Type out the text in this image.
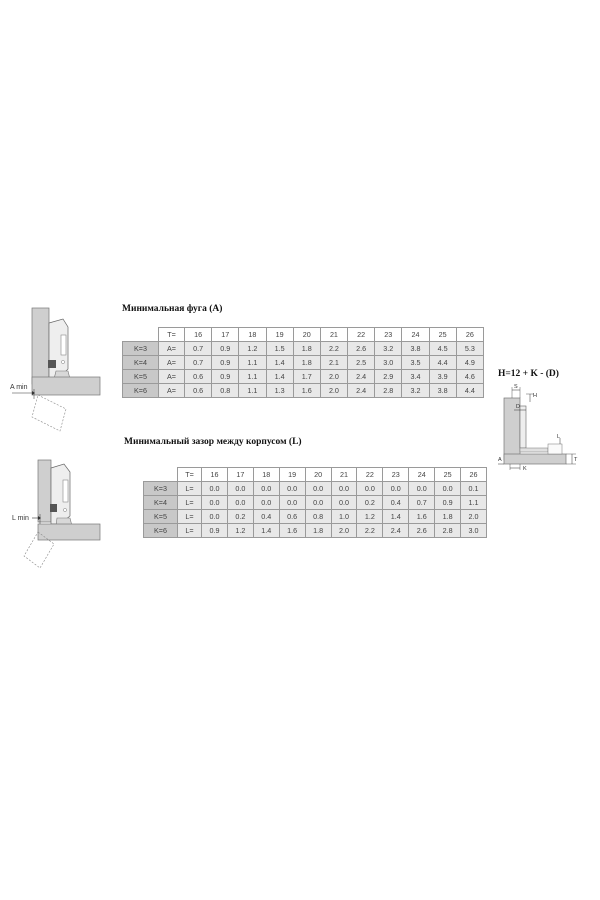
Минимальная фуга (A)
	T=	16	17	18	19	20	21	22	23	24	25	26
K=3	A=	0.7	0.9	1.2	1.5	1.8	2.2	2.6	3.2	3.8	4.5	5.3
K=4	A=	0.7	0.9	1.1	1.4	1.8	2.1	2.5	3.0	3.5	4.4	4.9
K=5	A=	0.6	0.9	1.1	1.4	1.7	2.0	2.4	2.9	3.4	3.9	4.6
K=6	A=	0.6	0.8	1.1	1.3	1.6	2.0	2.4	2.8	3.2	3.8	4.4
Минимальный зазор между корпусом (L)
	T=	16	17	18	19	20	21	22	23	24	25	26
K=3	L=	0.0	0.0	0.0	0.0	0.0	0.0	0.0	0.0	0.0	0.0	0.1
K=4	L=	0.0	0.0	0.0	0.0	0.0	0.0	0.2	0.4	0.7	0.9	1.1
K=5	L=	0.0	0.2	0.4	0.6	0.8	1.0	1.2	1.4	1.6	1.8	2.0
K=6	L=	0.9	1.2	1.4	1.6	1.8	2.0	2.2	2.4	2.6	2.8	3.0
A min
L min
H=12 + K - (D)
S
H
D
L
T
A
K
